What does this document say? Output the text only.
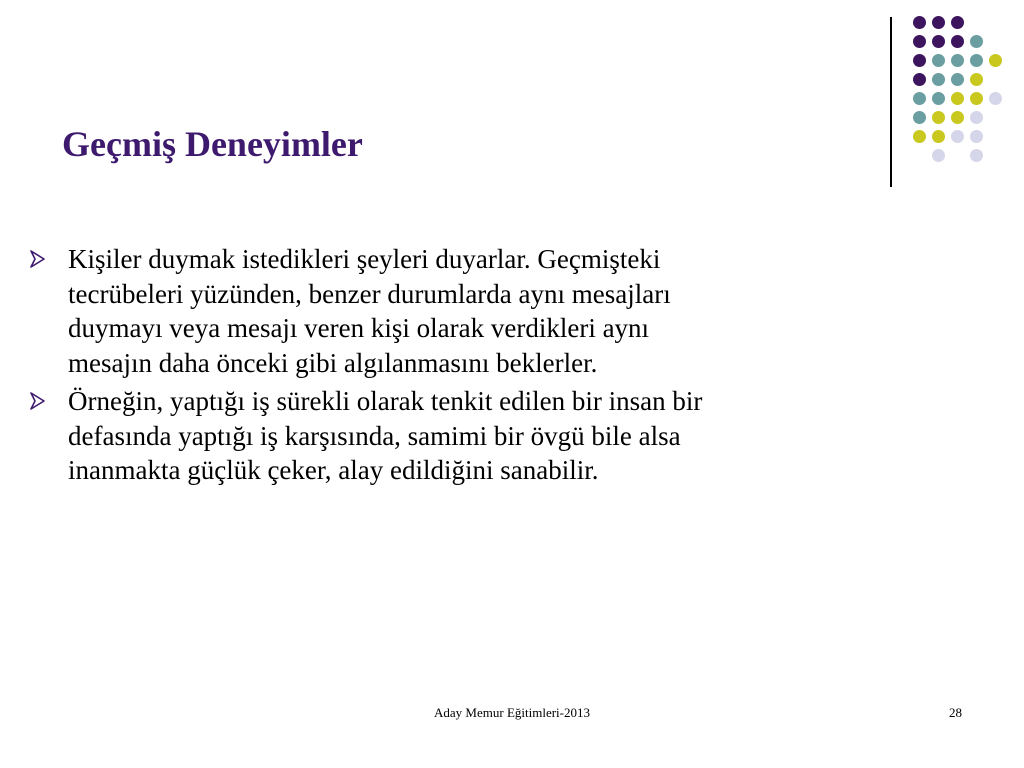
Geçmiş Deneyimler
Kişiler duymak istedikleri şeyleri duyarlar. Geçmişteki
tecrübeleri yüzünden, benzer durumlarda aynı mesajları
duymayı veya mesajı veren kişi olarak verdikleri aynı
mesajın daha önceki gibi algılanmasını beklerler.
Örneğin, yaptığı iş sürekli olarak tenkit edilen bir insan bir
defasında yaptığı iş karşısında, samimi bir övgü bile alsa
inanmakta güçlük çeker, alay edildiğini sanabilir.
Aday Memur Eğitimleri-2013	28
